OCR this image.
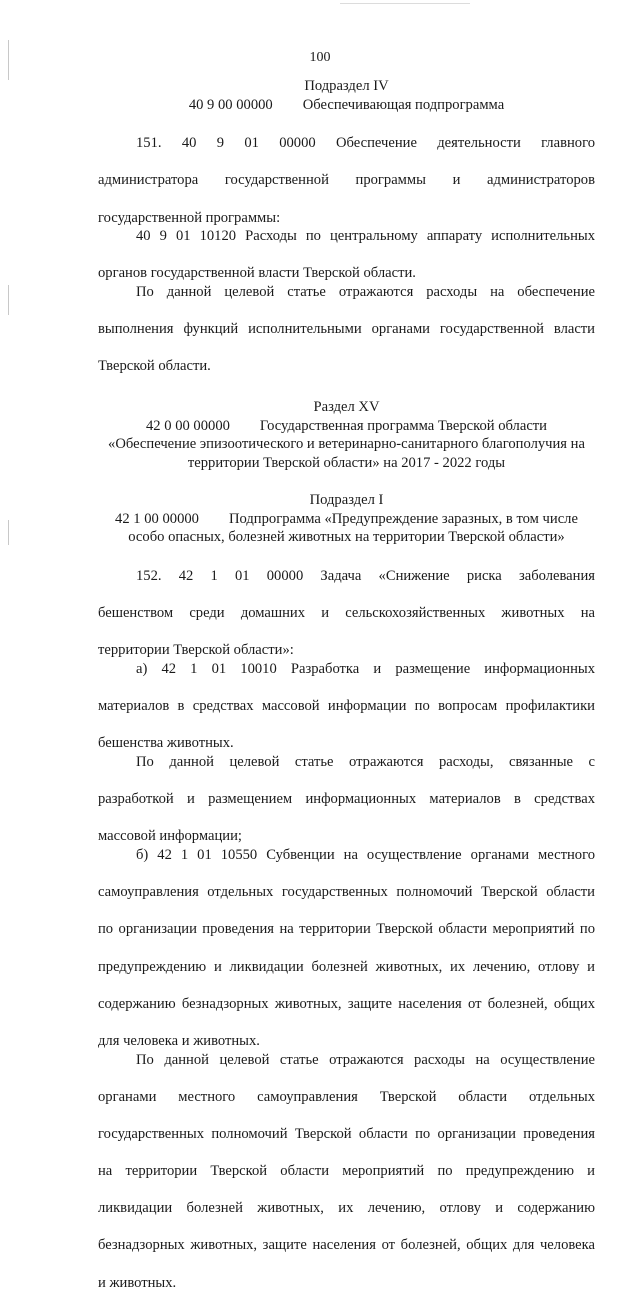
100

Подраздел IV

40 9 00 00000 Обеспечивающая подпрограмма

151. 40 9 01 00000 Обеспечение деятельности главного

администратора государственной программы и администраторов

государственной программы:

40 9 01 10120 Расходы по центральному аппарату исполнительных

органов государственной власти Тверской области.

По данной целевой статье отражаются расходы на обеспечение

выполнения функций исполнительными органами государственной власти

Тверской области.

Раздел XV

42 0 00 00000 Государственная программа Тверской области

«Обеспечение эпизоотического и ветеринарно-санитарного благополучия на

территории Тверской области» на 2017 - 2022 годы

Подраздел I

42 1 00 00000 Подпрограмма «Предупреждение заразных, в том числе

особо опасных, болезней животных на территории Тверской области»

152. 42 1 01 00000 Задача «Снижение риска заболевания

бешенством среди домашних и сельскохозяйственных животных на

территории Тверской области»:

а) 42 1 01 10010 Разработка и размещение информационных

материалов в средствах массовой информации по вопросам профилактики

бешенства животных.

По данной целевой статье отражаются расходы, связанные с

разработкой и размещением информационных материалов в средствах

массовой информации;

б) 42 1 01 10550 Субвенции на осуществление органами местного

самоуправления отдельных государственных полномочий Тверской области

по организации проведения на территории Тверской области мероприятий по

предупреждению и ликвидации болезней животных, их лечению, отлову и

содержанию безнадзорных животных, защите населения от болезней, общих

для человека и животных.

По данной целевой статье отражаются расходы на осуществление

органами местного самоуправления Тверской области отдельных

государственных полномочий Тверской области по организации проведения

на территории Тверской области мероприятий по предупреждению и

ликвидации болезней животных, их лечению, отлову и содержанию

безнадзорных животных, защите населения от болезней, общих для человека

и животных.
